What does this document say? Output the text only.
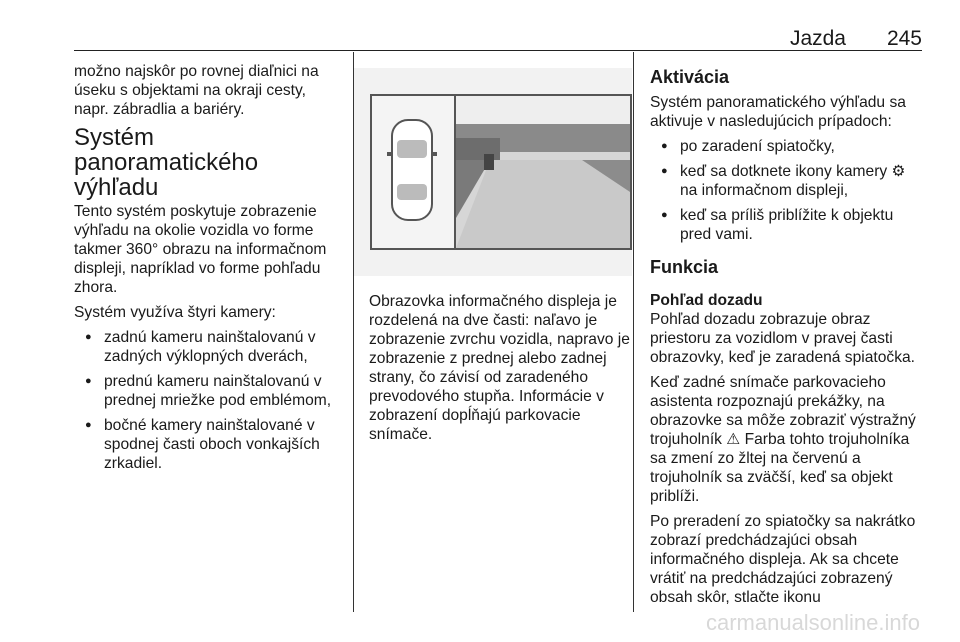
Jazda 245

možno najskôr po rovnej diaľnici na úseku s objektami na okraji cesty, napr. zábradlia a bariéry.

Systém panoramatického výhľadu

Tento systém poskytuje zobrazenie výhľadu na okolie vozidla vo forme takmer 360° obrazu na informačnom displeji, napríklad vo forme pohľadu zhora.

Systém využíva štyri kamery:

● zadnú kameru nainštalovanú v zadných výklopných dverách,
● prednú kameru nainštalovanú v prednej mriežke pod emblémom,
● bočné kamery nainštalované v spodnej časti oboch vonkajších zrkadiel.

Obrazovka informačného displeja je rozdelená na dve časti: naľavo je zobrazenie zvrchu vozidla, napravo je zobrazenie z prednej alebo zadnej strany, čo závisí od zaradeného prevodového stupňa. Informácie v zobrazení dopĺňajú parkovacie snímače.

Aktivácia

Systém panoramatického výhľadu sa aktivuje v nasledujúcich prípadoch:

● po zaradení spiatočky,
● keď sa dotknete ikony kamery ⚙ na informačnom displeji,
● keď sa príliš priblížite k objektu pred vami.
Funkcia
Pohľad dozadu

Pohľad dozadu zobrazuje obraz priestoru za vozidlom v pravej časti obrazovky, keď je zaradená spiatočka.

Keď zadné snímače parkovacieho asistenta rozpoznajú prekážky, na obrazovke sa môže zobraziť výstražný trojuholník ⚠ Farba tohto trojuholníka sa zmení zo žltej na červenú a trojuholník sa zväčší, keď sa objekt priblíži.

Po preradení zo spiatočky sa nakrátko zobrazí predchádzajúci obsah informačného displeja. Ak sa chcete vrátiť na predchádzajúci zobrazený obsah skôr, stlačte ikonu

carmanualsonline.info
